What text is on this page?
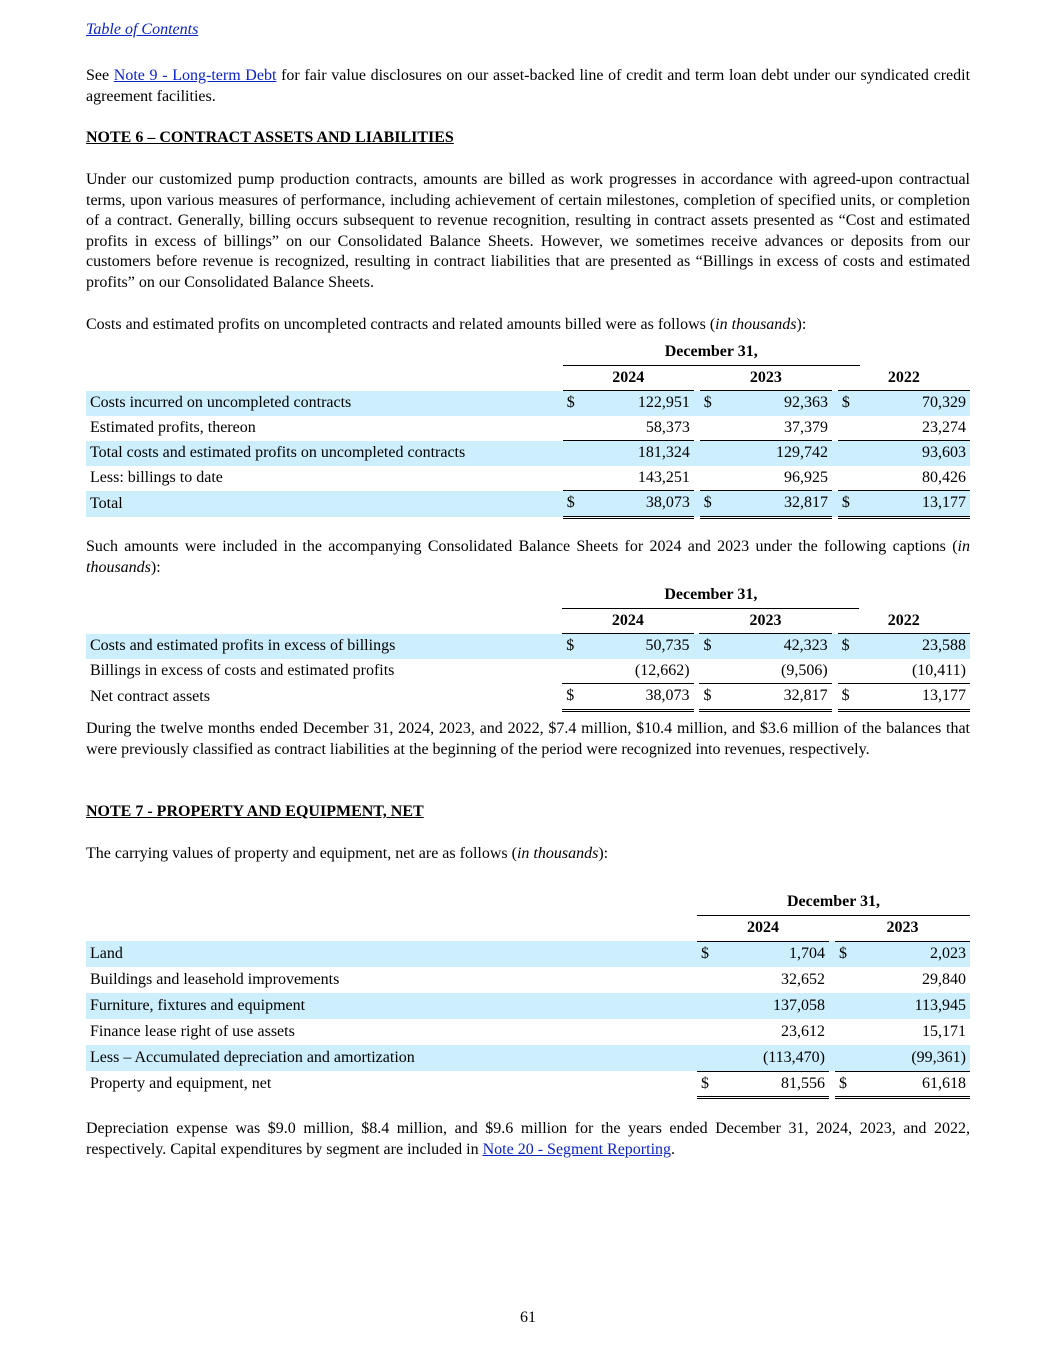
Table of Contents

See Note 9 - Long-term Debt for fair value disclosures on our asset-backed line of credit and term loan debt under our syndicated credit agreement facilities.

NOTE 6 – CONTRACT ASSETS AND LIABILITIES

Under our customized pump production contracts, amounts are billed as work progresses in accordance with agreed-upon contractual terms, upon various measures of performance, including achievement of certain milestones, completion of specified units, or completion of a contract. Generally, billing occurs subsequent to revenue recognition, resulting in contract assets presented as “Cost and estimated profits in excess of billings” on our Consolidated Balance Sheets. However, we sometimes receive advances or deposits from our customers before revenue is recognized, resulting in contract liabilities that are presented as “Billings in excess of costs and estimated profits” on our Consolidated Balance Sheets.

Costs and estimated profits on uncompleted contracts and related amounts billed were as follows (in thousands):

		December 31,							
		2024			2023			2022	
Costs incurred on uncompleted contracts		$	122,951		$	92,363		$	70,329
Estimated profits, thereon			58,373			37,379			23,274
Total costs and estimated profits on uncompleted contracts			181,324			129,742			93,603
Less: billings to date			143,251			96,925			80,426
Total		$	38,073		$	32,817		$	13,177

Such amounts were included in the accompanying Consolidated Balance Sheets for 2024 and 2023 under the following captions (in thousands):

		December 31,							
		2024			2023			2022	
Costs and estimated profits in excess of billings		$	50,735		$	42,323		$	23,588
Billings in excess of costs and estimated profits			(12,662)			(9,506)			(10,411)
Net contract assets		$	38,073		$	32,817		$	13,177

During the twelve months ended December 31, 2024, 2023, and 2022, $7.4 million, $10.4 million, and $3.6 million of the balances that were previously classified as contract liabilities at the beginning of the period were recognized into revenues, respectively.

NOTE 7 - PROPERTY AND EQUIPMENT, NET

The carrying values of property and equipment, net are as follows (in thousands):

		December 31,				
		2024			2023	
Land		$	1,704		$	2,023
Buildings and leasehold improvements			32,652			29,840
Furniture, fixtures and equipment			137,058			113,945
Finance lease right of use assets			23,612			15,171
Less – Accumulated depreciation and amortization			(113,470)			(99,361)
Property and equipment, net		$	81,556		$	61,618

Depreciation expense was $9.0 million, $8.4 million, and $9.6 million for the years ended December 31, 2024, 2023, and 2022, respectively. Capital expenditures by segment are included in Note 20 - Segment Reporting.

61
